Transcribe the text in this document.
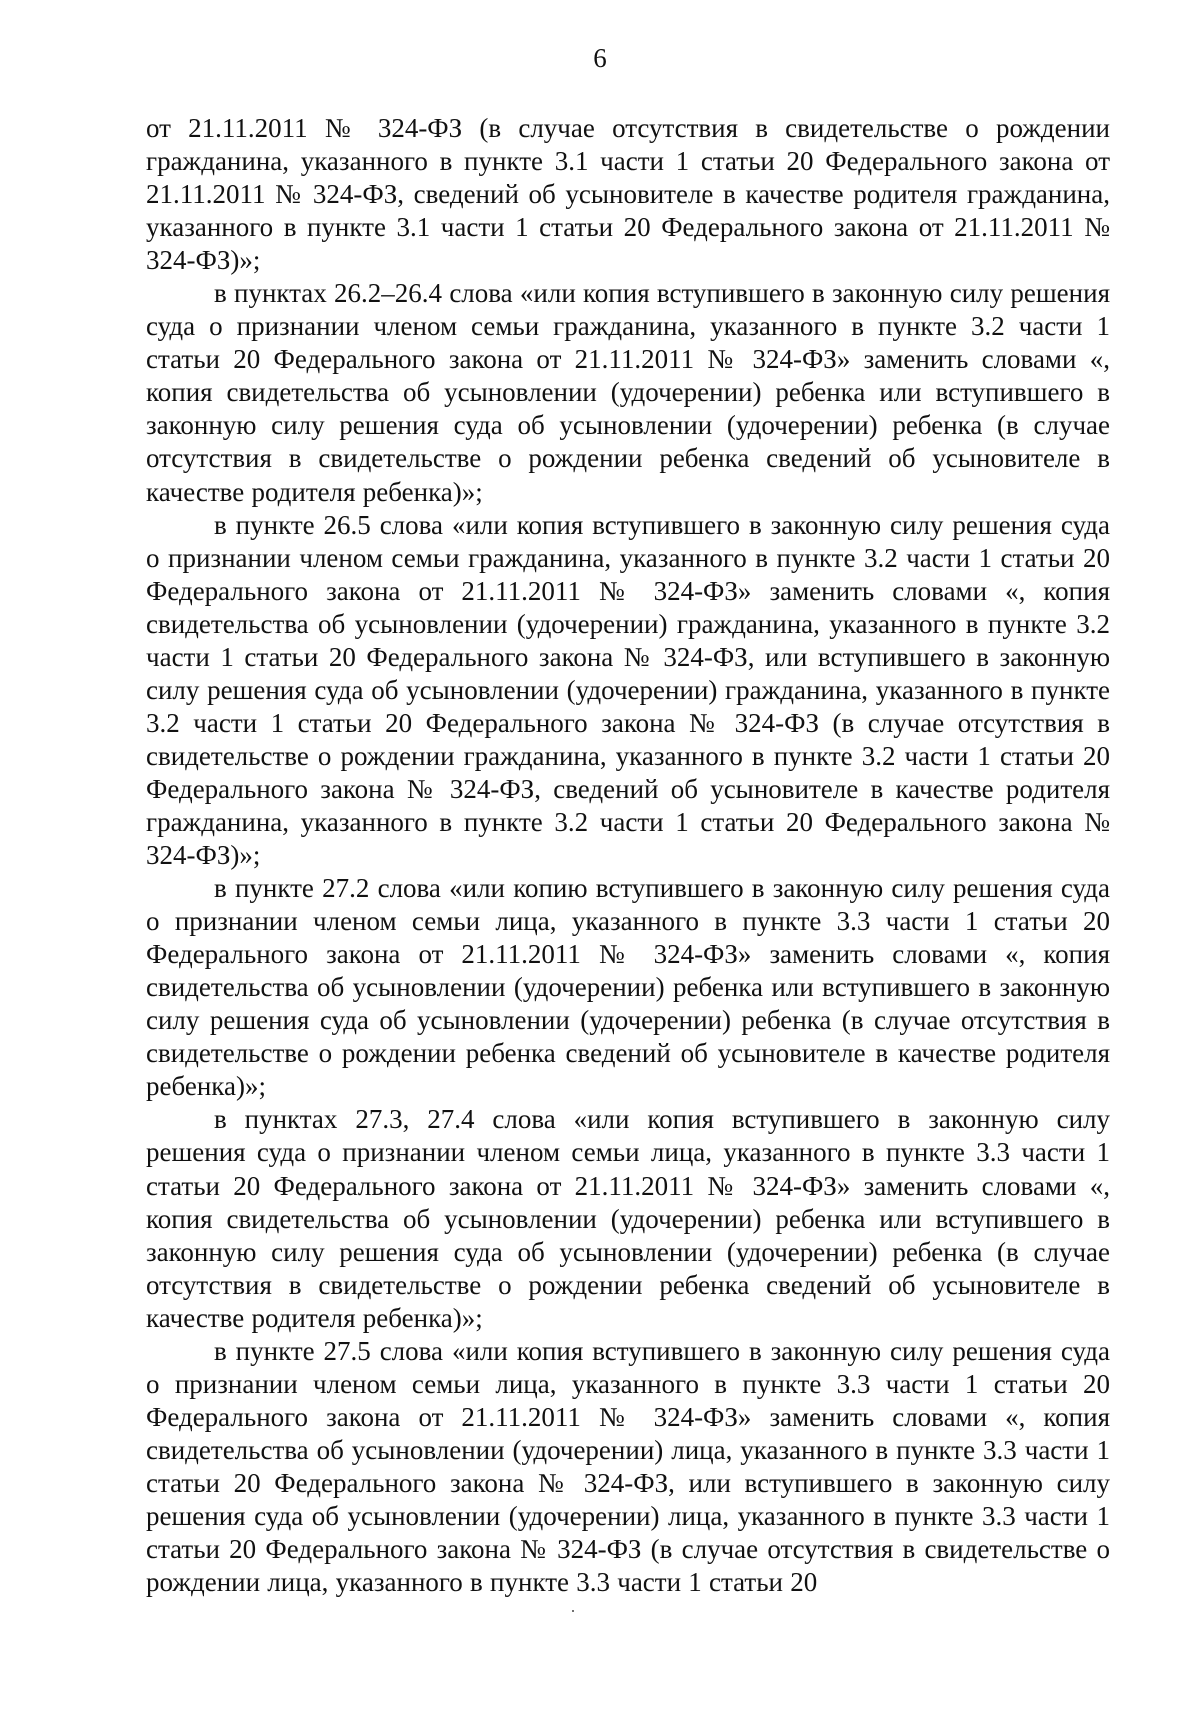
6

от 21.11.2011 № 324-ФЗ (в случае отсутствия в свидетельстве о рождении гражданина, указанного в пункте 3.1 части 1 статьи 20 Федерального закона от 21.11.2011 № 324-ФЗ, сведений об усыновителе в качестве родителя гражданина, указанного в пункте 3.1 части 1 статьи 20 Федерального закона от 21.11.2011 № 324-ФЗ)»;

в пунктах 26.2–26.4 слова «или копия вступившего в законную силу решения суда о признании членом семьи гражданина, указанного в пункте 3.2 части 1 статьи 20 Федерального закона от 21.11.2011 № 324-ФЗ» заменить словами «, копия свидетельства об усыновлении (удочерении) ребенка или вступившего в законную силу решения суда об усыновлении (удочерении) ребенка (в случае отсутствия в свидетельстве о рождении ребенка сведений об усыновителе в качестве родителя ребенка)»;

в пункте 26.5 слова «или копия вступившего в законную силу решения суда о признании членом семьи гражданина, указанного в пункте 3.2 части 1 статьи 20 Федерального закона от 21.11.2011 № 324-ФЗ» заменить словами «, копия свидетельства об усыновлении (удочерении) гражданина, указанного в пункте 3.2 части 1 статьи 20 Федерального закона № 324-ФЗ, или вступившего в законную силу решения суда об усыновлении (удочерении) гражданина, указанного в пункте 3.2 части 1 статьи 20 Федерального закона № 324-ФЗ (в случае отсутствия в свидетельстве о рождении гражданина, указанного в пункте 3.2 части 1 статьи 20 Федерального закона № 324-ФЗ, сведений об усыновителе в качестве родителя гражданина, указанного в пункте 3.2 части 1 статьи 20 Федерального закона № 324-ФЗ)»;

в пункте 27.2 слова «или копию вступившего в законную силу решения суда о признании членом семьи лица, указанного в пункте 3.3 части 1 статьи 20 Федерального закона от 21.11.2011 № 324-ФЗ» заменить словами «, копия свидетельства об усыновлении (удочерении) ребенка или вступившего в законную силу решения суда об усыновлении (удочерении) ребенка (в случае отсутствия в свидетельстве о рождении ребенка сведений об усыновителе в качестве родителя ребенка)»;

в пунктах 27.3, 27.4 слова «или копия вступившего в законную силу решения суда о признании членом семьи лица, указанного в пункте 3.3 части 1 статьи 20 Федерального закона от 21.11.2011 № 324-ФЗ» заменить словами «, копия свидетельства об усыновлении (удочерении) ребенка или вступившего в законную силу решения суда об усыновлении (удочерении) ребенка (в случае отсутствия в свидетельстве о рождении ребенка сведений об усыновителе в качестве родителя ребенка)»;

в пункте 27.5 слова «или копия вступившего в законную силу решения суда о признании членом семьи лица, указанного в пункте 3.3 части 1 статьи 20 Федерального закона от 21.11.2011 № 324-ФЗ» заменить словами «, копия свидетельства об усыновлении (удочерении) лица, указанного в пункте 3.3 части 1 статьи 20 Федерального закона № 324-ФЗ, или вступившего в законную силу решения суда об усыновлении (удочерении) лица, указанного в пункте 3.3 части 1 статьи 20 Федерального закона № 324-ФЗ (в случае отсутствия в свидетельстве о рождении лица, указанного в пункте 3.3 части 1 статьи 20
